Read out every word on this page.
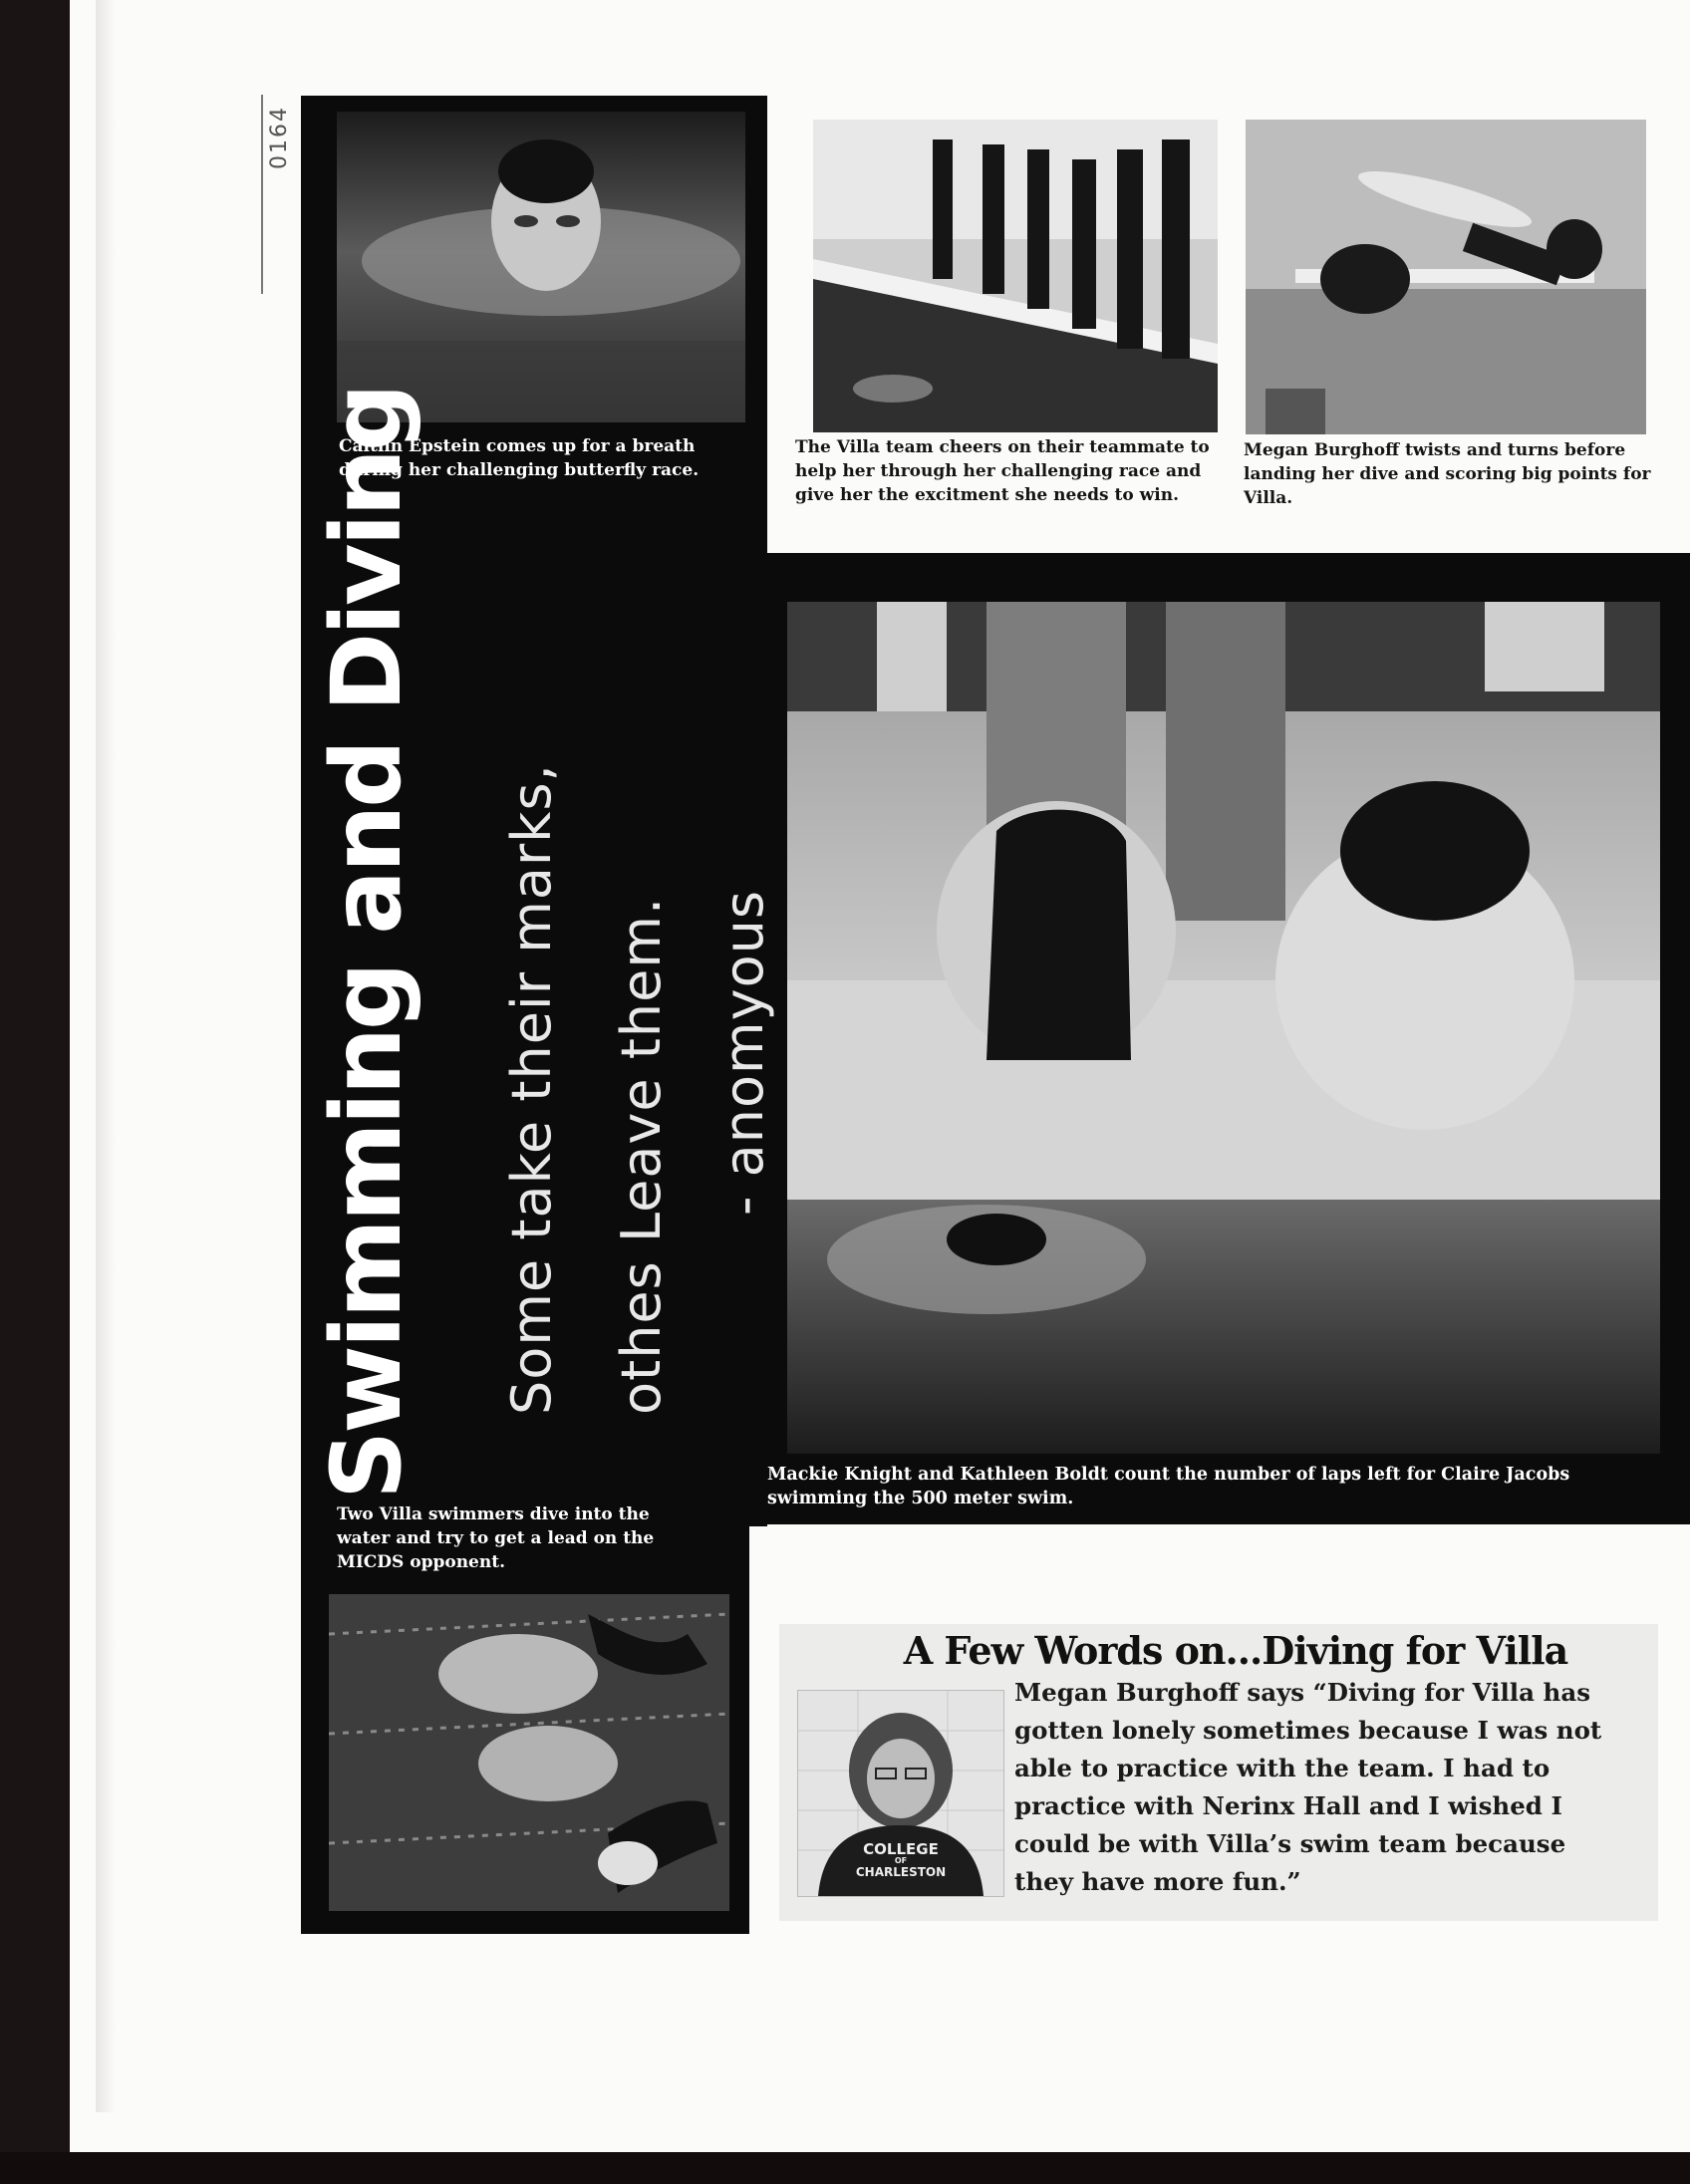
0164
Caitlin Epstein comes up for a breath during her challenging butterfly race.
The Villa team cheers on their teammate to help her through her challenging race and give her the excitment she needs to win.
Megan Burghoff twists and turns before landing her dive and scoring big points for Villa.
Mackie Knight and Kathleen Boldt count the number of laps left for Claire Jacobs swimming the 500 meter swim.
Swimming and Diving Some take their marks, othes Leave them. - anomyous
Two Villa swimmers dive into the water and try to get a lead on the MICDS opponent.
A Few Words on...Diving for Villa
COLLEGE
OF
CHARLESTON
Megan Burghoff says “Diving for Villa has gotten lonely sometimes because I was not able to practice with the team. I had to practice with Nerinx Hall and I wished I could be with Villa’s swim team because they have more fun.”
